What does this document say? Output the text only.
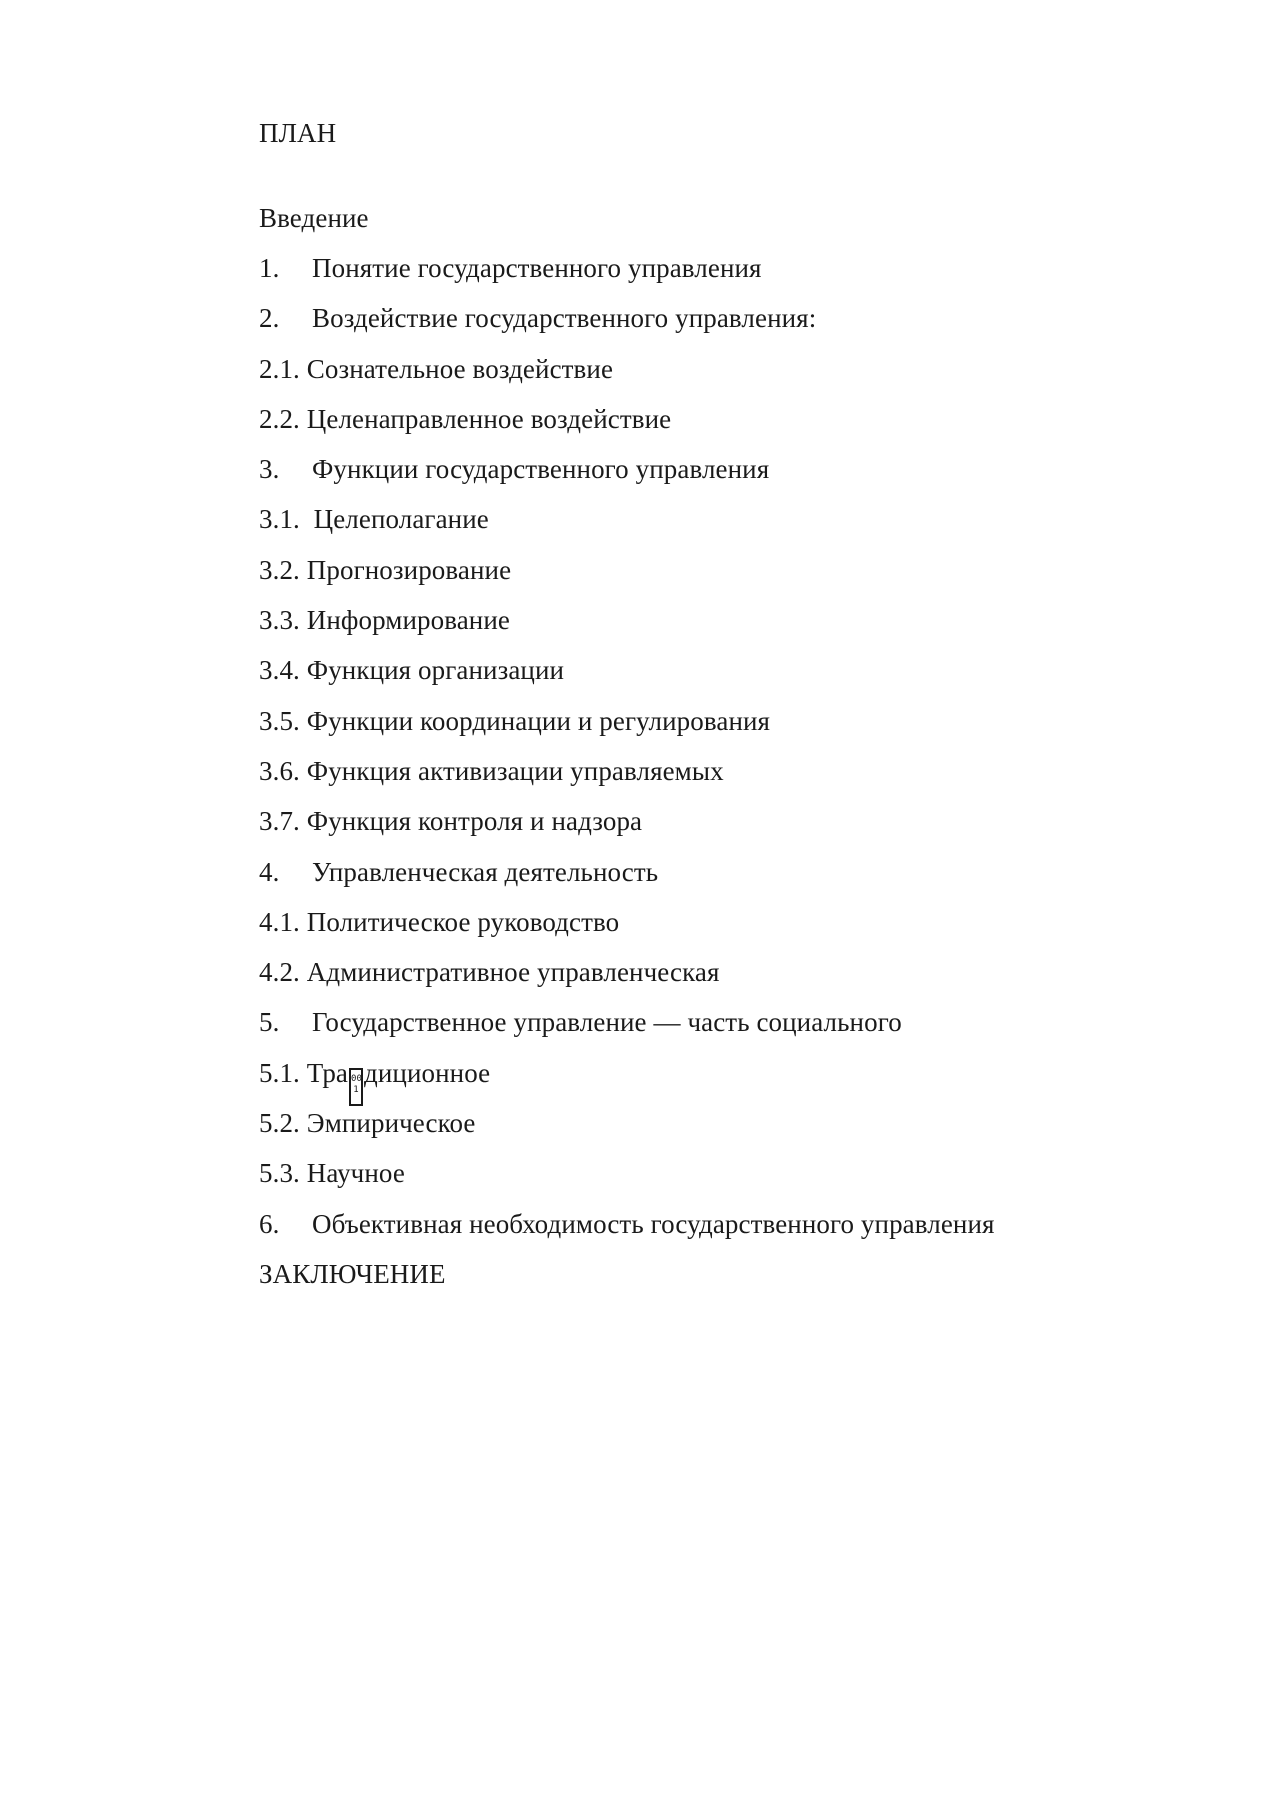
ПЛАН
Введение
1. Понятие государственного управления
2. Воздействие государственного управления:
2.1. Сознательное воздействие
2.2. Целенаправленное воздействие
3. Функции государственного управления
3.1.  Целеполагание
3.2. Прогнозирование
3.3. Информирование
3.4. Функция организации
3.5. Функции координации и регулирования
3.6. Функция активизации управляемых
3.7. Функция контроля и надзора
4. Управленческая деятельность
4.1. Политическое руководство
4.2. Административное управленческая
5. Государственное управление — часть социального
5.1. Тра 00
1диционное
5.2. Эмпирическое
5.3. Научное
6. Объективная необходимость государственного управления
ЗАКЛЮЧЕНИЕ
